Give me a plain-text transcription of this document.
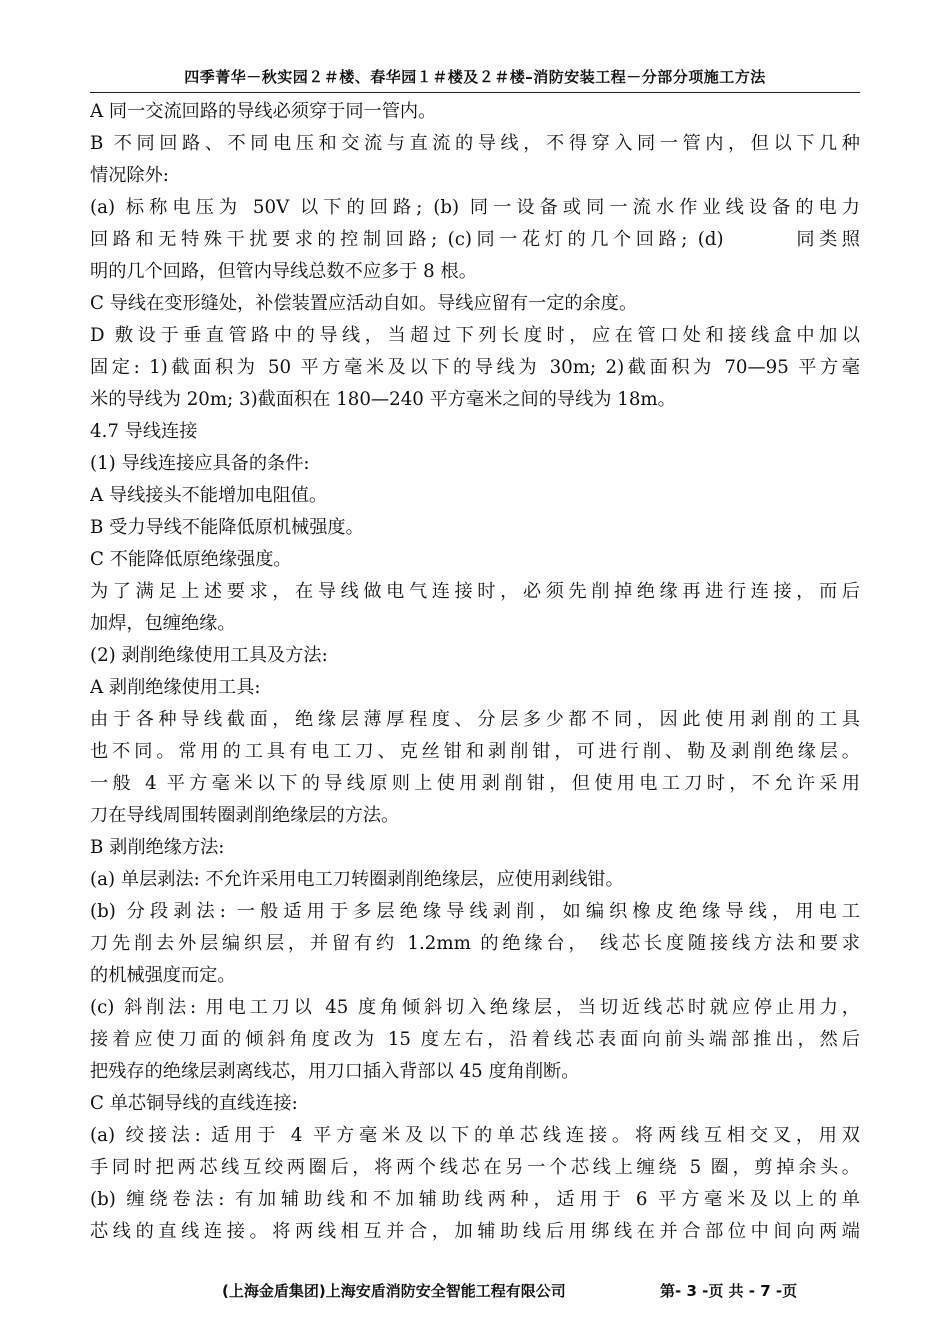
四季菁华－秋实园２＃楼、春华园１＃楼及２＃楼–消防安装工程－分部分项施工方法
A 同一交流回路的导线必须穿于同一管内。
B 不同回路、不同电压和交流与直流的导线，不得穿入同一管内，但以下几种
情况除外:
(a) 标称电压为 50V 以下的回路; (b) 同一设备或同一流水作业线设备的电力
回路和无特殊干扰要求的控制回路; (c)同一花灯的几个回路; (d)　　　同类照
明的几个回路，但管内导线总数不应多于 8 根。
C 导线在变形缝处，补偿装置应活动自如。导线应留有一定的余度。
D 敷设于垂直管路中的导线，当超过下列长度时，应在管口处和接线盒中加以
固定: 1)截面积为 50 平方毫米及以下的导线为 30m; 2)截面积为 70—95 平方毫
米的导线为 20m; 3)截面积在 180—240 平方毫米之间的导线为 18m。
4.7 导线连接
(1) 导线连接应具备的条件:
A 导线接头不能增加电阻值。
B 受力导线不能降低原机械强度。
C 不能降低原绝缘强度。
为了满足上述要求，在导线做电气连接时，必须先削掉绝缘再进行连接，而后
加焊，包缠绝缘。
(2) 剥削绝缘使用工具及方法:
A 剥削绝缘使用工具:
由于各种导线截面，绝缘层薄厚程度、分层多少都不同，因此使用剥削的工具
也不同。常用的工具有电工刀、克丝钳和剥削钳，可进行削、勒及剥削绝缘层。
一般 4 平方毫米以下的导线原则上使用剥削钳，但使用电工刀时，不允许采用
刀在导线周围转圈剥削绝缘层的方法。
B 剥削绝缘方法:
(a) 单层剥法: 不允许采用电工刀转圈剥削绝缘层，应使用剥线钳。
(b) 分段剥法: 一般适用于多层绝缘导线剥削，如编织橡皮绝缘导线，用电工
刀先削去外层编织层，并留有约 1.2mm 的绝缘台， 线芯长度随接线方法和要求
的机械强度而定。
(c) 斜削法: 用电工刀以 45 度角倾斜切入绝缘层，当切近线芯时就应停止用力，
接着应使刀面的倾斜角度改为 15 度左右，沿着线芯表面向前头端部推出，然后
把残存的绝缘层剥离线芯，用刀口插入背部以 45 度角削断。
C 单芯铜导线的直线连接:
(a) 绞接法: 适用于 4 平方毫米及以下的单芯线连接。将两线互相交叉，用双
手同时把两芯线互绞两圈后，将两个线芯在另一个芯线上缠绕 5 圈，剪掉余头。
(b) 缠绕卷法: 有加辅助线和不加辅助线两种，适用于 6 平方毫米及以上的单
芯线的直线连接。将两线相互并合，加辅助线后用绑线在并合部位中间向两端
(上海金盾集团)上海安盾消防安全智能工程有限公司	第- 3 -页 共 - 7 -页
